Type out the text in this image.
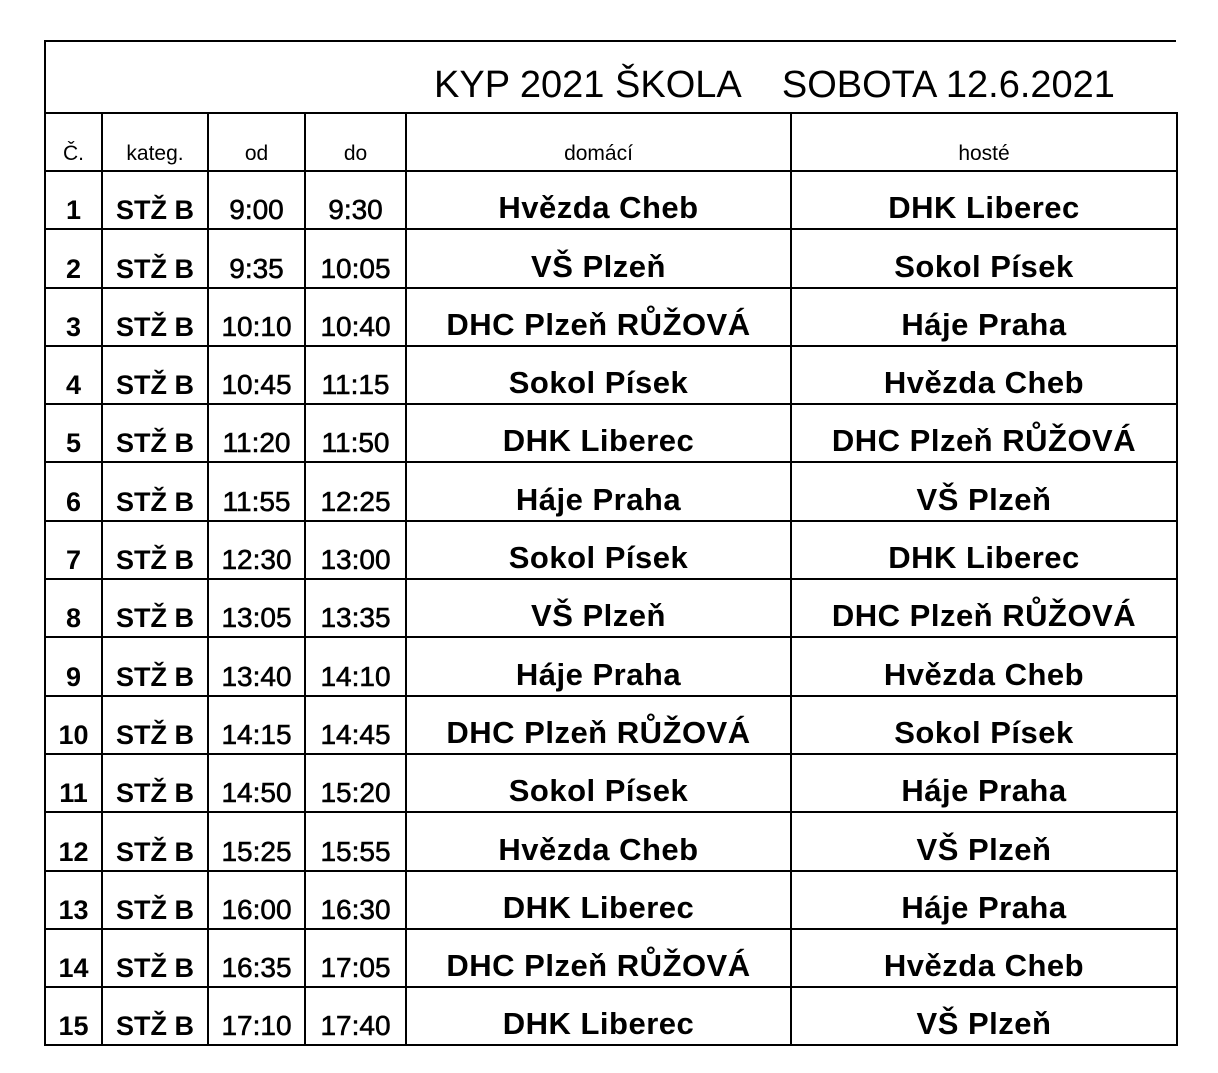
KYP 2021 ŠKOLA    SOBOTA 12.6.2021
Č.	kateg.	od	do	domácí	hosté
1	STŽ B	9:00	9:30	Hvězda Cheb	DHK Liberec
2	STŽ B	9:35	10:05	VŠ Plzeň	Sokol Písek
3	STŽ B	10:10	10:40	DHC Plzeň RŮŽOVÁ	Háje Praha
4	STŽ B	10:45	11:15	Sokol Písek	Hvězda Cheb
5	STŽ B	11:20	11:50	DHK Liberec	DHC Plzeň RŮŽOVÁ
6	STŽ B	11:55	12:25	Háje Praha	VŠ Plzeň
7	STŽ B	12:30	13:00	Sokol Písek	DHK Liberec
8	STŽ B	13:05	13:35	VŠ Plzeň	DHC Plzeň RŮŽOVÁ
9	STŽ B	13:40	14:10	Háje Praha	Hvězda Cheb
10	STŽ B	14:15	14:45	DHC Plzeň RŮŽOVÁ	Sokol Písek
11	STŽ B	14:50	15:20	Sokol Písek	Háje Praha
12	STŽ B	15:25	15:55	Hvězda Cheb	VŠ Plzeň
13	STŽ B	16:00	16:30	DHK Liberec	Háje Praha
14	STŽ B	16:35	17:05	DHC Plzeň RŮŽOVÁ	Hvězda Cheb
15	STŽ B	17:10	17:40	DHK Liberec	VŠ Plzeň
